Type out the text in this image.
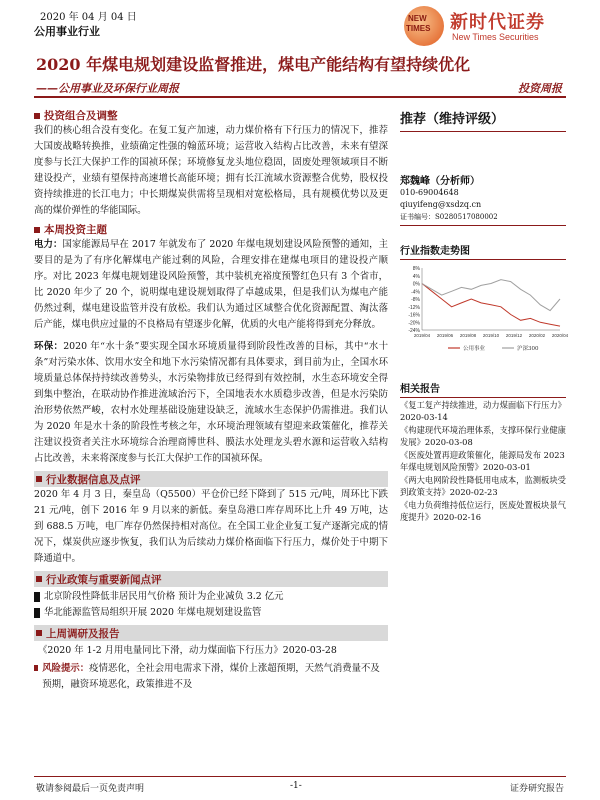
2020 年 04 月 04 日
公用事业行业
NEW
TIMES 新时代证券
New Times Securities
2020 年煤电规划建设监督推进，煤电产能结构有望持续优化
——公用事业及环保行业周报	投资周报
投资组合及调整
我们的核心组合没有变化。在复工复产加速，动力煤价格有下行压力的情况下，推荐大国废战略转换推，业绩确定性强的翰蓝环境；运营收入结构占比改善，未来有望深度参与长江大保护工作的国祯环保；环境修复龙头地位稳固，固废处理领域项目不断建设投产，业绩有望保持高速增长高能环境；拥有长江流域水资源整合优势，股权投资持续推进的长江电力；中长期煤炭供需将呈现相对宽松格局，具有规模优势以及更高的煤价弹性的华能国际。
本周投资主题
电力：国家能源局早在 2017 年就发布了 2020 年煤电规划建设风险预警的通知，主要目的是为了有序化解煤电产能过剩的风险，合理安排在建煤电项目的建设投产顺序。对比 2023 年煤电规划建设风险预警，其中装机充裕度预警红色只有 3 个省市，比 2020 年少了 20 个，说明煤电建设规划取得了卓越成果，但是我们认为煤电产能仍然过剩，煤电建设监管并没有放松。我们认为通过区域整合优化资源配置、淘汰落后产能，煤电供应过量的不良格局有望逐步化解，优质的火电产能将得到充分释放。
环保：2020 年“水十条”要实现全国水环境质量得到阶段性改善的目标，其中“水十条”对污染水体、饮用水安全和地下水污染情况都有具体要求，到目前为止，全国水环境质量总体保持持续改善势头，水污染物排放已经得到有效控制，水生态环境安全得到集中整治，在联动协作推进流域治污下，全国地表水水质稳步改善，但是水污染防治形势依然严峻，农村水处理基础设施建设缺乏，流域水生态保护仍需推进。我们认为 2020 年是水十条的阶段性考核之年，水环境治理领域有望迎来政策催化，推荐关注建议投资者关注水环境综合治理商博世科、膜法水处理龙头碧水源和运营收入结构占比改善，未来将深度参与长江大保护工作的国祯环保。
行业数据信息及点评
2020 年 4 月 3 日，秦皇岛（Q5500）平仓价已经下降到了 515 元/吨，周环比下跌 21 元/吨，创下 2016 年 9 月以来的新低。秦皇岛港口库存周环比上升 49 万吨，达到 688.5 万吨，电厂库存仍然保持相对高位。在全国工业企业复工复产逐渐完成的情况下，煤炭供应逐步恢复，我们认为后续动力煤价格面临下行压力，煤价处于中期下降通道中。
行业政策与重要新闻点评
北京阶段性降低非居民用气价格 预计为企业减负 3.2 亿元
华北能源监管局组织开展 2020 年煤电规划建设监管
上周调研及报告
《2020 年 1-2 月用电量同比下滑，动力煤面临下行压力》2020-03-28
风险提示：疫情恶化，全社会用电需求下滑，煤价上涨超预期，天然气消费量不及预期，融资环境恶化，政策推进不及
推荐（维持评级）
郑魏峰（分析师）
010-69004648
qiuyifeng@xsdzq.cn
证书编号：S0280517080002
行业指数走势图
8%
4%
0%
-4%
-8%
-12%
-16%
-20%
-24%
2019/04 2019/06 2019/08 2019/10 2019/12 2020/02 2020/04
公用事业	沪深300
相关报告
《复工复产持续推进，动力煤面临下行压力》2020-03-14
《构建现代环境治理体系，支撑环保行业健康发展》2020-03-08
《医废处置再迎政策催化，能源局发布 2023 年煤电规划风险预警》2020-03-01
《两大电网阶段性降低用电成本，监测板块受到政策支持》2020-02-23
《电力负荷维持低位运行，医废处置板块景气度提升》2020-02-16
敬请参阅最后一页免责声明	-1-	证券研究报告
